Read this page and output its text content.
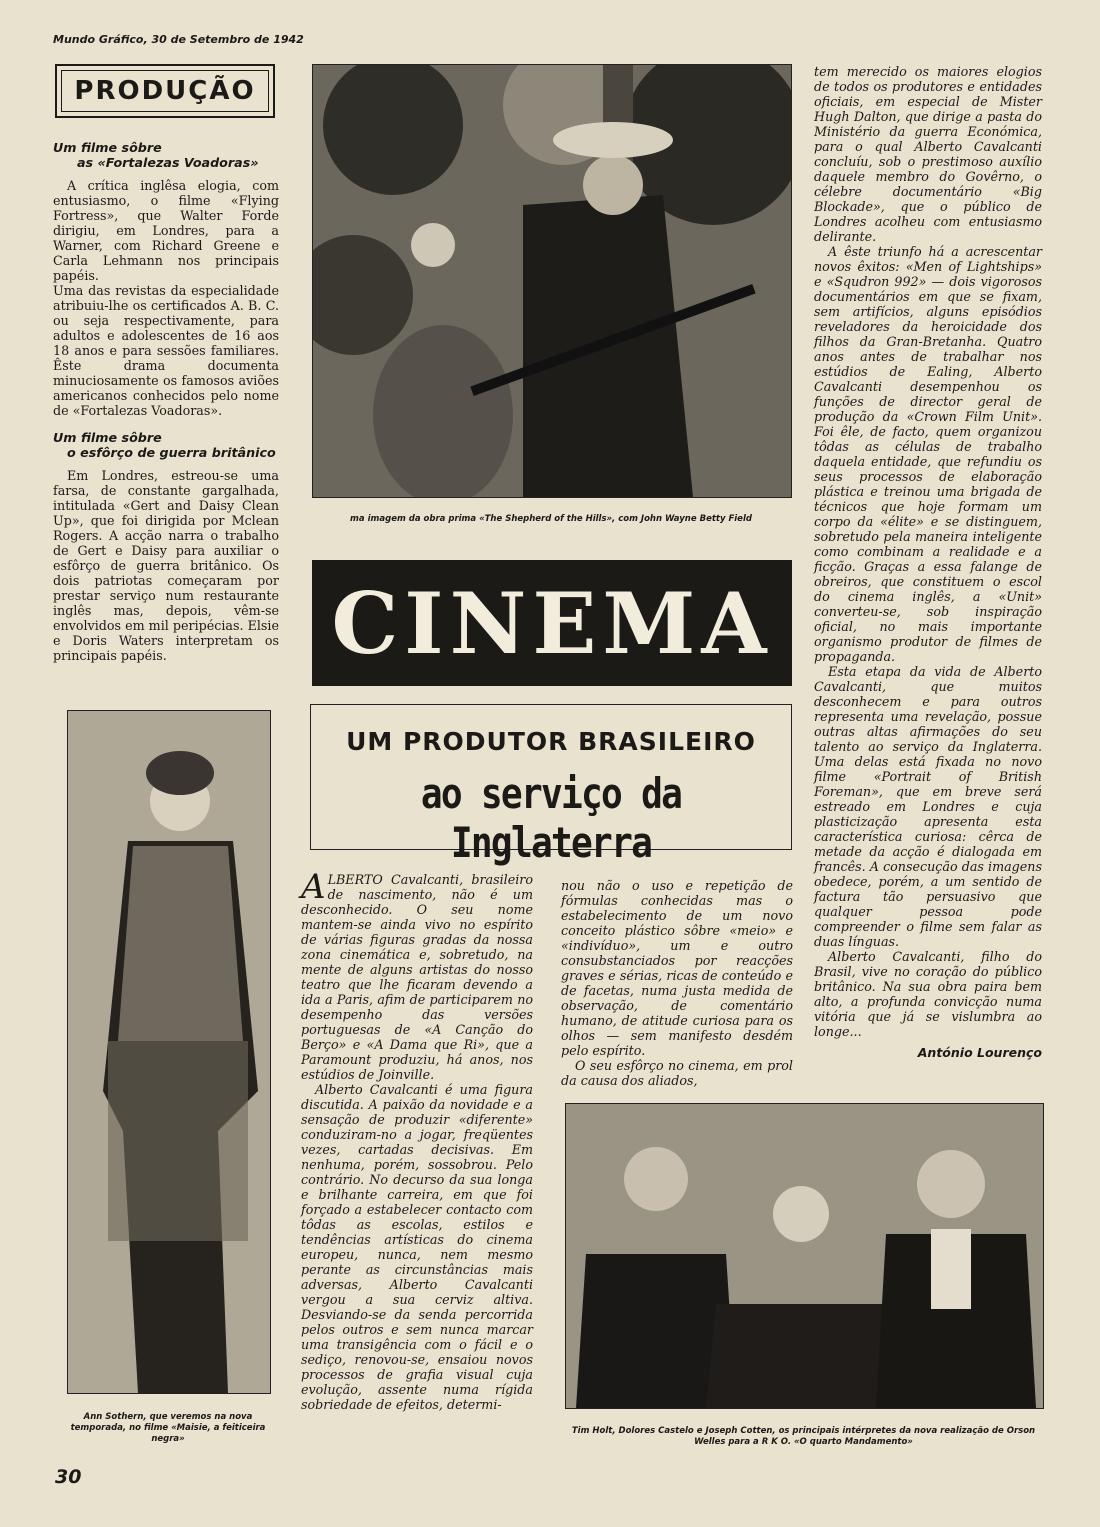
Mundo Gráfico, 30 de Setembro de 1942
PRODUÇÃO

Um filme sôbre

as «Fortalezas Voadoras»

A crítica inglêsa elogia, com entusiasmo, o filme «Flying Fortress», que Walter Forde dirigiu, em Londres, para a Warner, com Richard Greene e Carla Lehmann nos principais papéis.

Uma das revistas da especialidade atribuiu-lhe os certificados A. B. C. ou seja respectivamente, para adultos e adolescentes de 16 aos 18 anos e para sessões familiares. Êste drama documenta minuciosamente os famosos aviões americanos conhecidos pelo nome de «Fortalezas Voadoras».

Um filme sôbre

o esfôrço de guerra britânico

Em Londres, estreou-se uma farsa, de constante gargalhada, intitulada «Gert and Daisy Clean Up», que foi dirigida por Mclean Rogers. A acção narra o trabalho de Gert e Daisy para auxiliar o esfôrço de guerra britânico. Os dois patriotas começaram por prestar serviço num restaurante inglês mas, depois, vêm-se envolvidos em mil peripécias. Elsie e Doris Waters interpretam os principais papéis.

ma imagem da obra prima «The Shepherd of the Hills», com John Wayne Betty Field
CINEMA
UM PRODUTOR BRASILEIRO
ao serviço da Inglaterra
Ann Sothern, que veremos na nova temporada, no filme «Maisie, a feiticeira negra»

ALBERTO Cavalcanti, brasileiro de nascimento, não é um desconhecido. O seu nome mantem-se ainda vivo no espírito de várias figuras gradas da nossa zona cinemática e, sobretudo, na mente de alguns artistas do nosso teatro que lhe ficaram devendo a ida a Paris, afim de participarem no desempenho das versões portuguesas de «A Canção do Berço» e «A Dama que Ri», que a Paramount produziu, há anos, nos estúdios de Joinville.

Alberto Cavalcanti é uma figura discutida. A paixão da novidade e a sensação de produzir «diferente» conduziram-no a jogar, freqüentes vezes, cartadas decisivas. Em nenhuma, porém, sossobrou. Pelo contrário. No decurso da sua longa e brilhante carreira, em que foi forçado a estabelecer contacto com tôdas as escolas, estilos e tendências artísticas do cinema europeu, nunca, nem mesmo perante as circunstâncias mais adversas, Alberto Cavalcanti vergou a sua cerviz altiva. Desviando-se da senda percorrida pelos outros e sem nunca marcar uma transigência com o fácil e o sediço, renovou-se, ensaiou novos processos de grafia visual cuja evolução, assente numa rígida sobriedade de efeitos, determi-

nou não o uso e repetição de fórmulas conhecidas mas o estabelecimento de um novo conceito plástico sôbre «meio» e «indivíduo», um e outro consubstanciados por reacções graves e sérias, ricas de conteúdo e de facetas, numa justa medida de observação, de comentário humano, de atitude curiosa para os olhos — sem manifesto desdém pelo espírito.

O seu esfôrço no cinema, em prol da causa dos aliados,

tem merecido os maiores elogios de todos os produtores e entidades oficiais, em especial de Mister Hugh Dalton, que dirige a pasta do Ministério da guerra Económica, para o qual Alberto Cavalcanti concluíu, sob o prestimoso auxílio daquele membro do Govêrno, o célebre documentário «Big Blockade», que o público de Londres acolheu com entusiasmo delirante.

A êste triunfo há a acrescentar novos êxitos: «Men of Lightships» e «Squdron 992» — dois vigorosos documentários em que se fixam, sem artifícios, alguns episódios reveladores da heroicidade dos filhos da Gran-Bretanha. Quatro anos antes de trabalhar nos estúdios de Ealing, Alberto Cavalcanti desempenhou os funções de director geral de produção da «Crown Film Unit». Foi êle, de facto, quem organizou tôdas as células de trabalho daquela entidade, que refundiu os seus processos de elaboração plástica e treinou uma brigada de técnicos que hoje formam um corpo da «élite» e se distinguem, sobretudo pela maneira inteligente como combinam a realidade e a ficção. Graças a essa falange de obreiros, que constituem o escol do cinema inglês, a «Unit» converteu-se, sob inspiração oficial, no mais importante organismo produtor de filmes de propaganda.

Esta etapa da vida de Alberto Cavalcanti, que muitos desconhecem e para outros representa uma revelação, possue outras altas afirmações do seu talento ao serviço da Inglaterra. Uma delas está fixada no novo filme «Portrait of British Foreman», que em breve será estreado em Londres e cuja plasticização apresenta esta característica curiosa: cêrca de metade da acção é dialogada em francês. A consecução das imagens obedece, porém, a um sentido de factura tão persuasivo que qualquer pessoa pode compreender o filme sem falar as duas línguas.

Alberto Cavalcanti, filho do Brasil, vive no coração do público britânico. Na sua obra paira bem alto, a profunda convicção numa vitória que já se vislumbra ao longe...

António Lourenço
Tim Holt, Dolores Castelo e Joseph Cotten, os principais intérpretes da nova realização de Orson Welles para a R K O. «O quarto Mandamento»
30
